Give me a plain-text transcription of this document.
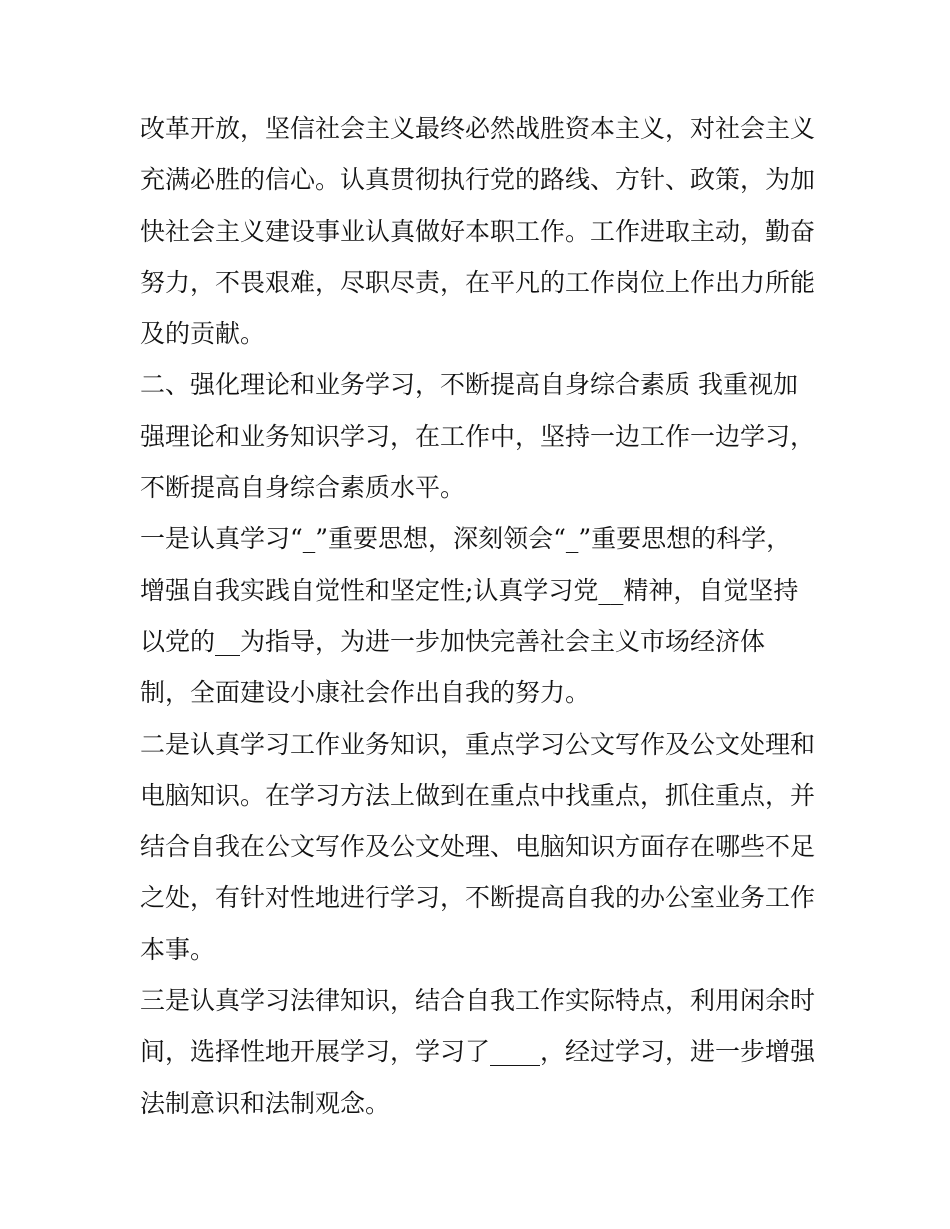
改革开放，坚信社会主义最终必然战胜资本主义，对社会主义
充满必胜的信心。认真贯彻执行党的路线、方针、政策，为加
快社会主义建设事业认真做好本职工作。工作进取主动，勤奋
努力，不畏艰难，尽职尽责，在平凡的工作岗位上作出力所能
及的贡献。
二、强化理论和业务学习，不断提高自身综合素质 我重视加
强理论和业务知识学习，在工作中，坚持一边工作一边学习，
不断提高自身综合素质水平。
一是认真学习“_”重要思想，深刻领会“_”重要思想的科学，
增强自我实践自觉性和坚定性;认真学习党__精神，自觉坚持
以党的__为指导，为进一步加快完善社会主义市场经济体
制，全面建设小康社会作出自我的努力。
二是认真学习工作业务知识，重点学习公文写作及公文处理和
电脑知识。在学习方法上做到在重点中找重点，抓住重点，并
结合自我在公文写作及公文处理、电脑知识方面存在哪些不足
之处，有针对性地进行学习，不断提高自我的办公室业务工作
本事。
三是认真学习法律知识，结合自我工作实际特点，利用闲余时
间，选择性地开展学习，学习了____，经过学习，进一步增强
法制意识和法制观念。
